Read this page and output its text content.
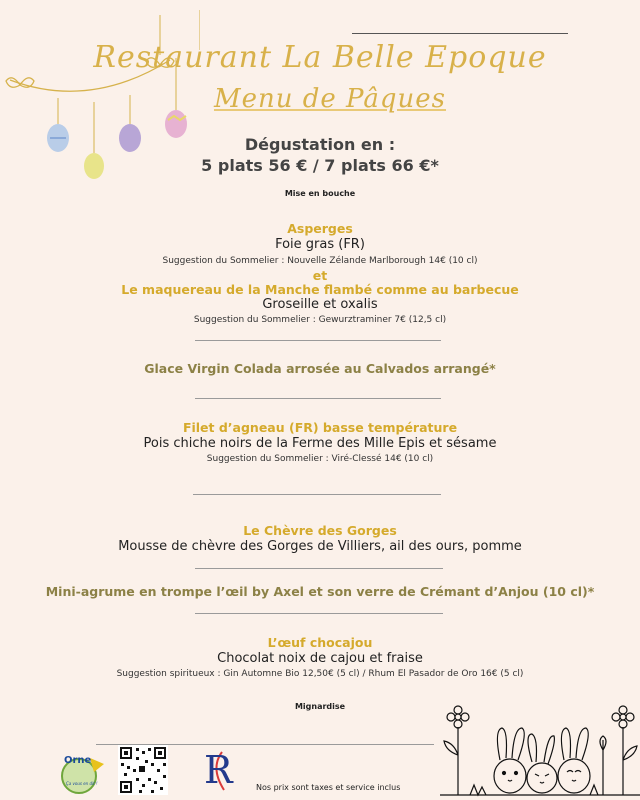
Restaurant La Belle Epoque
Menu de Pâques
Dégustation en :
5 plats 56 € / 7 plats 66 €*
Mise en bouche
Asperges
Foie gras (FR)
Suggestion du Sommelier : Nouvelle Zélande Marlborough 14€ (10 cl)
et
Le maquereau de la Manche flambé comme au barbecue
Groseille et oxalis
Suggestion du Sommelier : Gewurztraminer 7€ (12,5 cl)
Glace Virgin Colada arrosée au Calvados arrangé*
Filet d’agneau (FR) basse température
Pois chiche noirs de la Ferme des Mille Epis et sésame
Suggestion du Sommelier : Viré-Clessé 14€ (10 cl)
Le Chèvre des Gorges
Mousse de chèvre des Gorges de Villiers, ail des ours, pomme
Mini-agrume en trompe l’œil by Axel et son verre de Crémant d’Anjou (10 cl)*
L’œuf chocajou
Chocolat noix de cajou et fraise
Suggestion spiritueux : Gin Automne Bio 12,50€ (5 cl) / Rhum El Pasador de Oro 16€ (5 cl)
Mignardise
Orne
Ça vous en dit !	R	Nos prix sont taxes et service inclus
